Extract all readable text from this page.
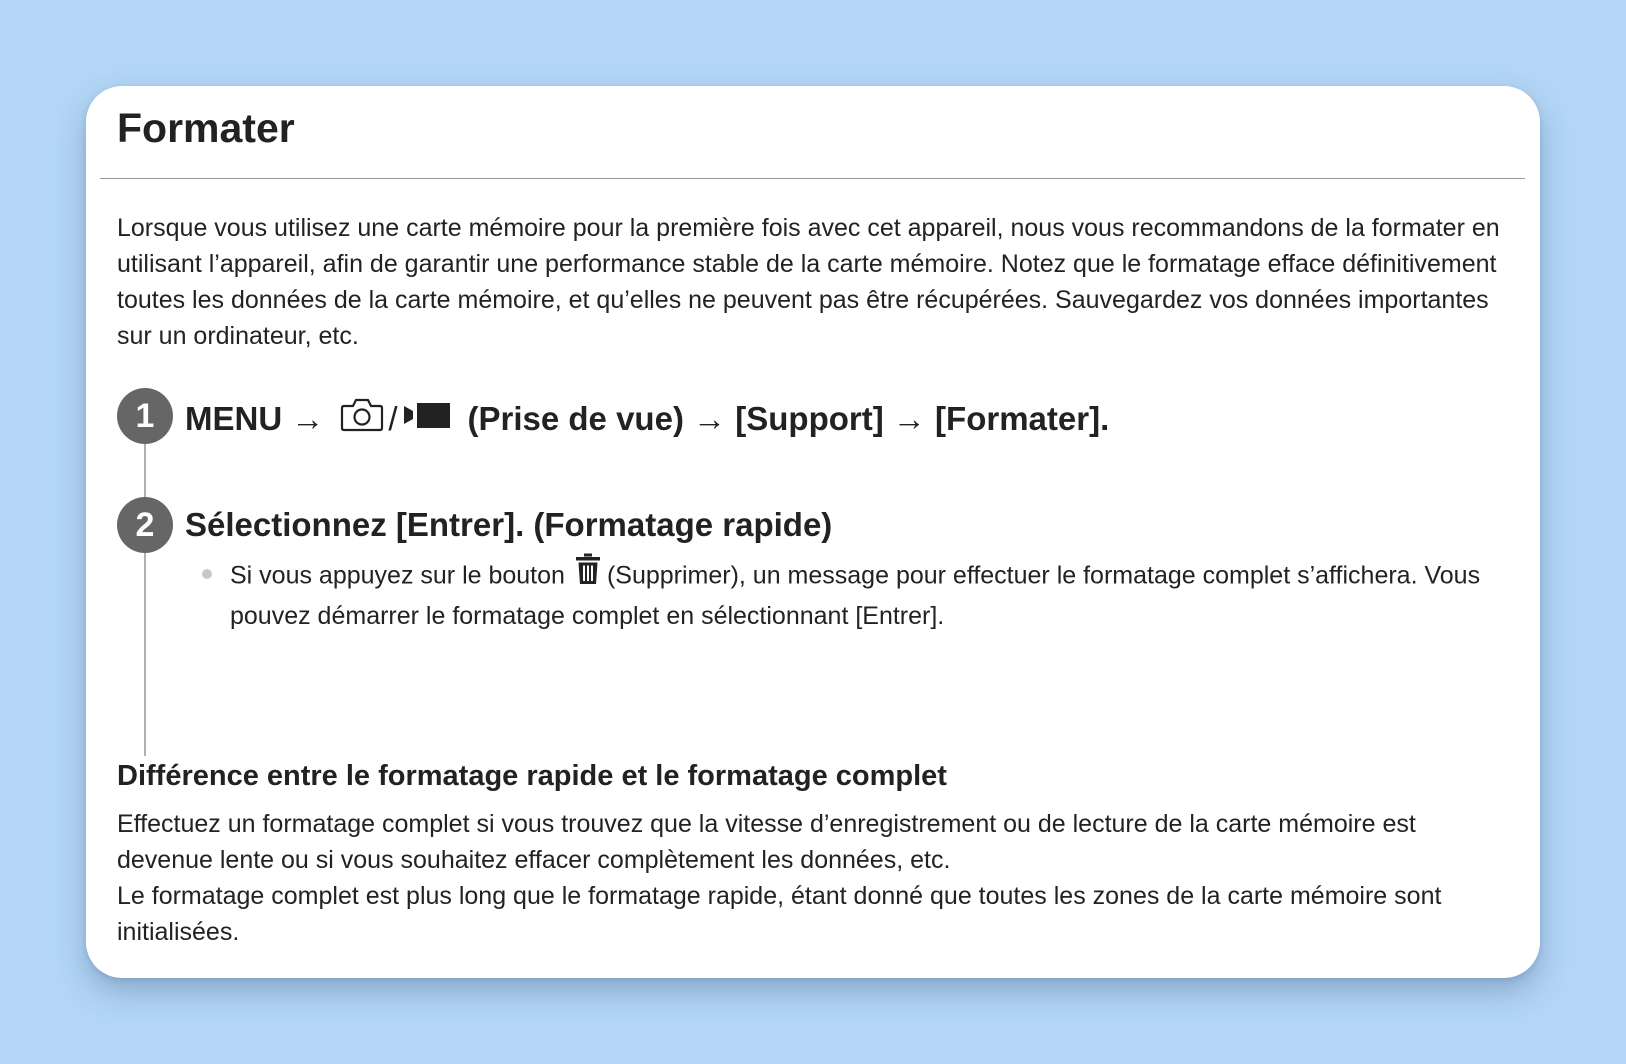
Formater

Lorsque vous utilisez une carte mémoire pour la première fois avec cet appareil, nous vous recommandons de la formater en utilisant l’appareil, afin de garantir une performance stable de la carte mémoire. Notez que le formatage efface définitivement toutes les données de la carte mémoire, et qu’elles ne peuvent pas être récupérées. Sauvegardez vos données importantes sur un ordinateur, etc.

1 MENU → / (Prise de vue) → [Support] → [Formater].
2 Sélectionnez [Entrer]. (Formatage rapide)

Si vous appuyez sur le bouton (Supprimer), un message pour effectuer le formatage complet s’affichera. Vous pouvez démarrer le formatage complet en sélectionnant [Entrer].

Différence entre le formatage rapide et le formatage complet

Effectuez un formatage complet si vous trouvez que la vitesse d’enregistrement ou de lecture de la carte mémoire est devenue lente ou si vous souhaitez effacer complètement les données, etc.

Le formatage complet est plus long que le formatage rapide, étant donné que toutes les zones de la carte mémoire sont initialisées.
